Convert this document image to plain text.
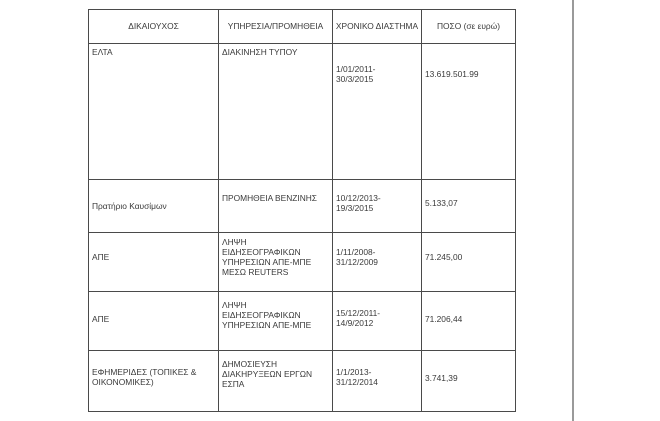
ΔΙΚΑΙΟΥΧΟΣ	ΥΠΗΡΕΣΙΑ/ΠΡΟΜΗΘΕΙΑ	ΧΡΟΝΙΚΟ ΔΙΑΣΤΗΜΑ	ΠΟΣΟ (σε ευρώ)

ΕΛΤΑ	ΔΙΑΚΙΝΗΣΗ ΤΥΠΟΥ	1/01/2011-
30/3/2015	13.619.501.99

Πρατήριο Καυσίμων	ΠΡΟΜΗΘΕΙΑ ΒΕΝΖΙΝΗΣ	10/12/2013-
19/3/2015	5.133,07

ΑΠΕ	ΛΗΨΗ
ΕΙΔΗΣΕΟΓΡΑΦΙΚΩΝ
ΥΠΗΡΕΣΙΩΝ ΑΠΕ-ΜΠΕ
ΜΕΣΩ REUTERS	1/11/2008-
31/12/2009	71.245,00

ΑΠΕ	ΛΗΨΗ
ΕΙΔΗΣΕΟΓΡΑΦΙΚΩΝ
ΥΠΗΡΕΣΙΩΝ ΑΠΕ-ΜΠΕ	15/12/2011-
14/9/2012	71.206,44

ΕΦΗΜΕΡΙΔΕΣ (ΤΟΠΙΚΕΣ &
ΟΙΚΟΝΟΜΙΚΕΣ)	ΔΗΜΟΣΙΕΥΣΗ
ΔΙΑΚΗΡΥΞΕΩΝ ΕΡΓΩΝ
ΕΣΠΑ	1/1/2013-
31/12/2014	3.741,39
